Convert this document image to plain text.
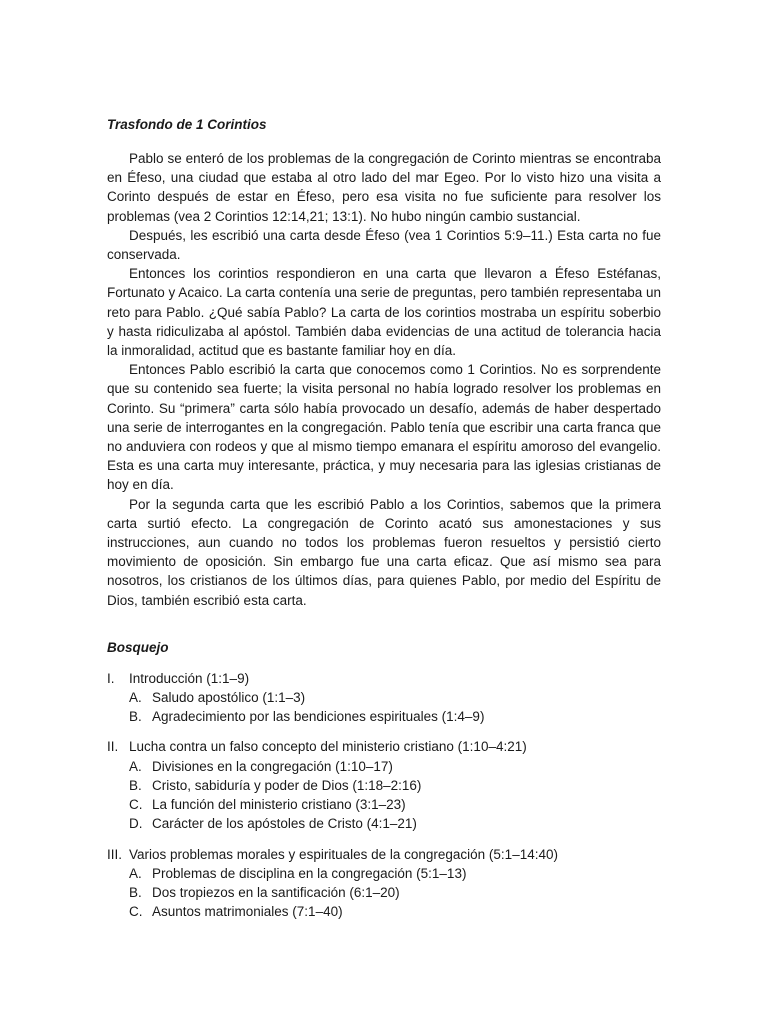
Trasfondo de 1 Corintios

Pablo se enteró de los problemas de la congregación de Corinto mientras se encontraba en Éfeso, una ciudad que estaba al otro lado del mar Egeo. Por lo visto hizo una visita a Corinto después de estar en Éfeso, pero esa visita no fue suficiente para resolver los problemas (vea 2 Corintios 12:14,21; 13:1). No hubo ningún cambio sustancial.

Después, les escribió una carta desde Éfeso (vea 1 Corintios 5:9–11.) Esta carta no fue conservada.

Entonces los corintios respondieron en una carta que llevaron a Éfeso Estéfanas, Fortunato y Acaico. La carta contenía una serie de preguntas, pero también representaba un reto para Pablo. ¿Qué sabía Pablo? La carta de los corintios mostraba un espíritu soberbio y hasta ridiculizaba al apóstol. También daba evidencias de una actitud de tolerancia hacia la inmoralidad, actitud que es bastante familiar hoy en día.

Entonces Pablo escribió la carta que conocemos como 1 Corintios. No es sorprendente que su contenido sea fuerte; la visita personal no había logrado resolver los problemas en Corinto. Su “primera” carta sólo había provocado un desafío, además de haber despertado una serie de interrogantes en la congregación. Pablo tenía que escribir una carta franca que no anduviera con rodeos y que al mismo tiempo emanara el espíritu amoroso del evangelio. Esta es una carta muy interesante, práctica, y muy necesaria para las iglesias cristianas de hoy en día.

Por la segunda carta que les escribió Pablo a los Corintios, sabemos que la primera carta surtió efecto. La congregación de Corinto acató sus amonestaciones y sus instrucciones, aun cuando no todos los problemas fueron resueltos y persistió cierto movimiento de oposición. Sin embargo fue una carta eficaz. Que así mismo sea para nosotros, los cristianos de los últimos días, para quienes Pablo, por medio del Espíritu de Dios, también escribió esta carta.

Bosquejo
I.	Introducción (1:1–9)
A. Saludo apostólico (1:1–3)
B. Agradecimiento por las bendiciones espirituales (1:4–9)
II. Lucha contra un falso concepto del ministerio cristiano (1:10–4:21)
A. Divisiones en la congregación (1:10–17)
B. Cristo, sabiduría y poder de Dios (1:18–2:16)
C. La función del ministerio cristiano (3:1–23)
D. Carácter de los apóstoles de Cristo (4:1–21)
III. Varios problemas morales y espirituales de la congregación (5:1–14:40)
A. Problemas de disciplina en la congregación (5:1–13)
B. Dos tropiezos en la santificación (6:1–20)
C. Asuntos matrimoniales (7:1–40)
